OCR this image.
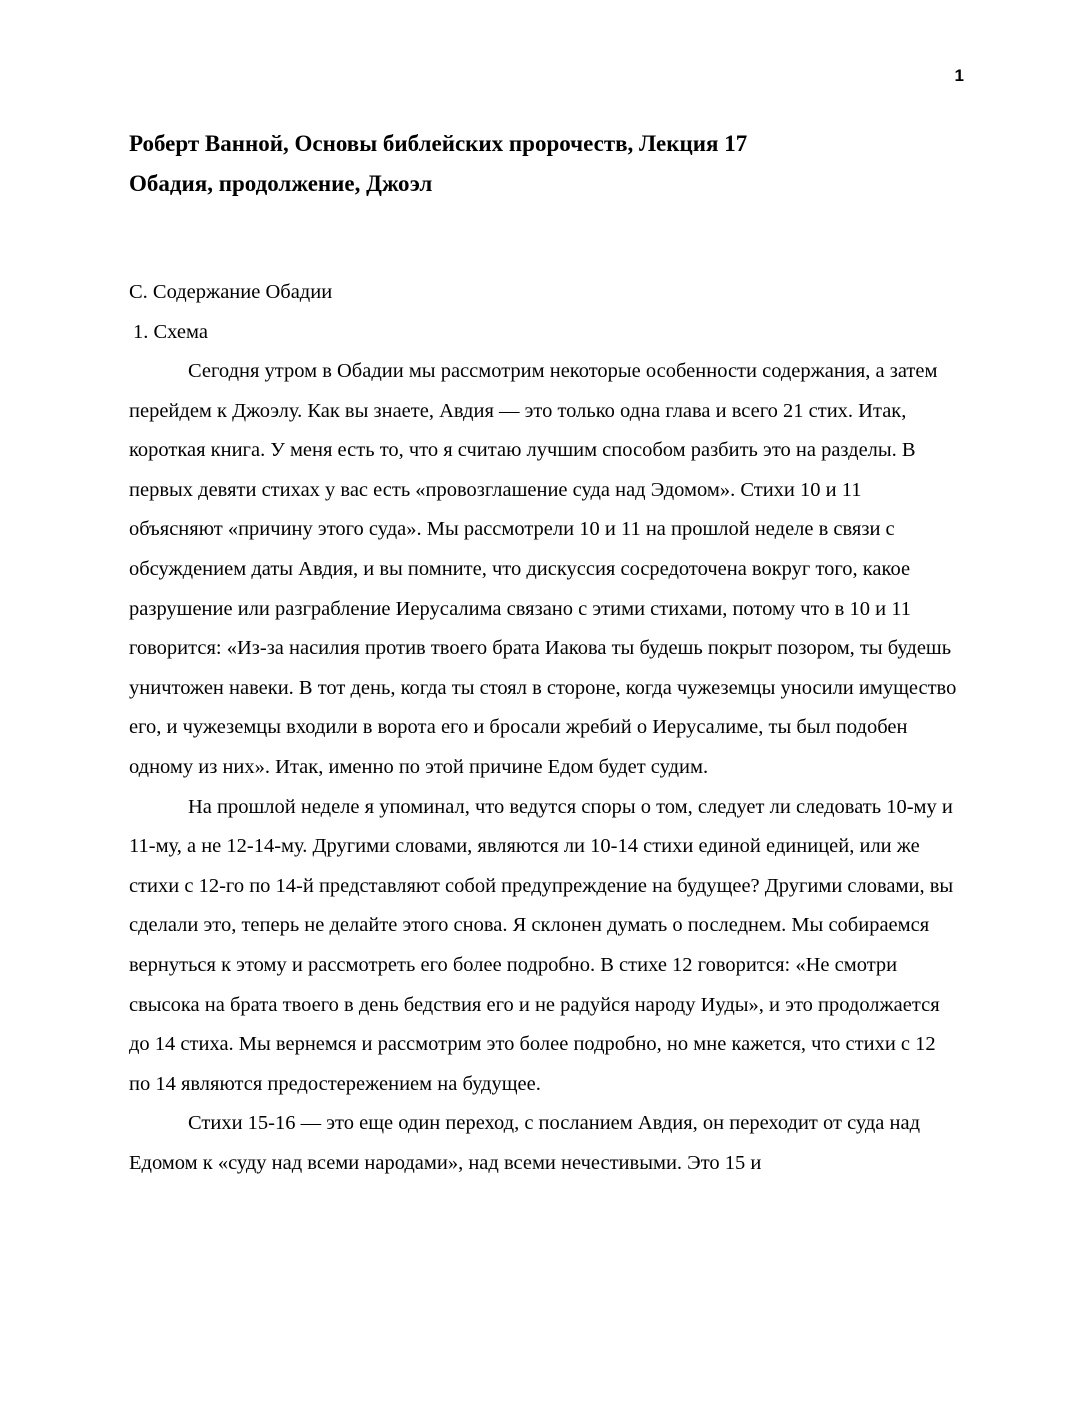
1
Роберт Ванной, Основы библейских пророчеств, Лекция 17
Обадия, продолжение, Джоэл
C. Содержание Обадии
1. Схема

Сегодня утром в Обадии мы рассмотрим некоторые особенности содержания, а затем перейдем к Джоэлу. Как вы знаете, Авдия — это только одна глава и всего 21 стих. Итак, короткая книга. У меня есть то, что я считаю лучшим способом разбить это на разделы. В первых девяти стихах у вас есть «провозглашение суда над Эдомом». Стихи 10 и 11 объясняют «причину этого суда». Мы рассмотрели 10 и 11 на прошлой неделе в связи с обсуждением даты Авдия, и вы помните, что дискуссия сосредоточена вокруг того, какое разрушение или разграбление Иерусалима связано с этими стихами, потому что в 10 и 11 говорится: «Из-за насилия против твоего брата Иакова ты будешь покрыт позором, ты будешь уничтожен навеки. В тот день, когда ты стоял в стороне, когда чужеземцы уносили имущество его, и чужеземцы входили в ворота его и бросали жребий о Иерусалиме, ты был подобен одному из них». Итак, именно по этой причине Едом будет судим.

На прошлой неделе я упоминал, что ведутся споры о том, следует ли следовать 10-му и 11-му, а не 12-14-му. Другими словами, являются ли 10-14 стихи единой единицей, или же стихи с 12-го по 14-й представляют собой предупреждение на будущее? Другими словами, вы сделали это, теперь не делайте этого снова. Я склонен думать о последнем. Мы собираемся вернуться к этому и рассмотреть его более подробно. В стихе 12 говорится: «Не смотри свысока на брата твоего в день бедствия его и не радуйся народу Иуды», и это продолжается до 14 стиха. Мы вернемся и рассмотрим это более подробно, но мне кажется, что стихи с 12 по 14 являются предостережением на будущее.

Стихи 15-16 — это еще один переход, с посланием Авдия, он переходит от суда над Едомом к «суду над всеми народами», над всеми нечестивыми. Это 15 и
